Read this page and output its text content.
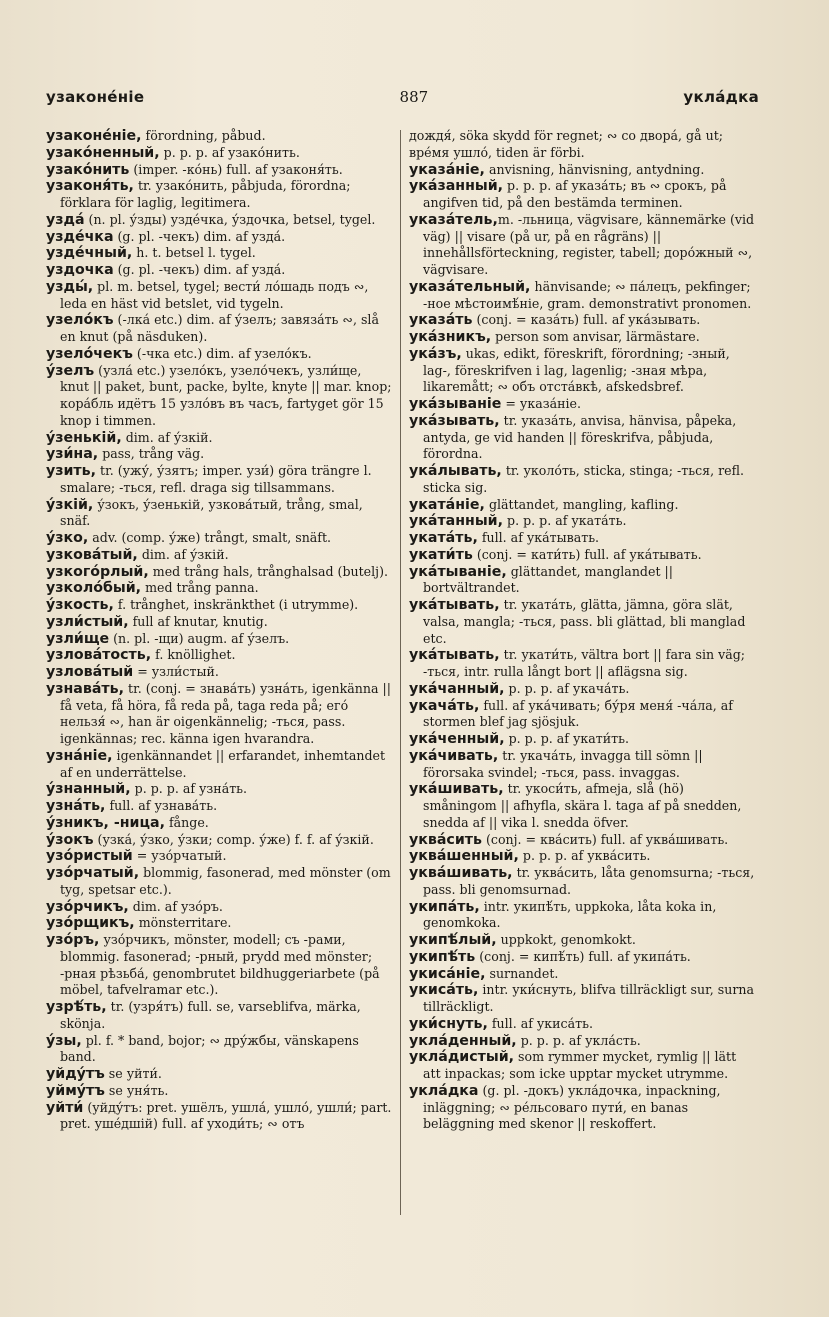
узаконе́ніе	887	укла́дка
узаконе́ніе, förordning, påbud.
узако́ненный, p. p. p. af узако́нить.
узако́нить (imper. -ко́нь) full. af узаконя́ть.
узаконя́ть, tr. узако́нить, påbjuda, förordna; förklara för laglig, legitimera.
узда́ (n. pl. у́зды) узде́чка, у́здочка, betsel, tygel.
узде́чка (g. pl. -чекъ) dim. af узда́.
узде́чный, h. t. betsel l. tygel.
уздочка (g. pl. -чекъ) dim. af узда́.
узды́, pl. m. betsel, tygel; вести́ ло́шадь подъ ∾, leda en häst vid betslet, vid tygeln.
узело́къ (-лка́ etc.) dim. af у́зелъ; завяза́ть ∾, slå en knut (på näsduken).
узело́чекъ (-чка etc.) dim. af узело́къ.
у́зелъ (узла́ etc.) узело́къ, узело́чекъ, узли́ще, knut || paket, bunt, packe, bylte, knyte || mar. knop; кора́бль идётъ 15 узло́въ въ часъ, fartyget gör 15 knop i timmen.
у́зенькій, dim. af у́зкій.
узи́на, pass, trång väg.
узить, tr. (ужу́, у́зятъ; imper. узи́) göra trängre l. smalare; -ться, refl. draga sig tillsammans.
у́зкій, у́зокъ, у́зенькій, узкова́тый, trång, smal, snäf.
у́зко, adv. (comp. у́же) trångt, smalt, snäft.
узкова́тый, dim. af у́зкій.
узкого́рлый, med trång hals, trånghalsad (butelj).
узколо́бый, med trång panna.
у́зкость, f. trånghet, inskränkthet (i utrymme).
узли́стый, full af knutar, knutig.
узли́ще (n. pl. -щи) augm. af у́зелъ.
узлова́тость, f. knöllighet.
узлова́тый = узли́стый.
узнава́ть, tr. (conj. = знава́ть) узна́ть, igenkänna || få veta, få höra, få reda på, taga reda på; его́ нельзя́ ∾, han är oigenkännelig; -ться, pass. igenkännas; rec. känna igen hvarandra.
узна́ніе, igenkännandet || erfarandet, inhemtandet af en underrättelse.
у́знанный, p. p. p. af узна́ть.
узна́ть, full. af узнава́ть.
у́зникъ, -ница, fånge.
у́зокъ (узка́, у́зко, у́зки; comp. у́же) f. f. af у́зкій.
узо́ристый = узо́рчатый.
узо́рчатый, blommig, fasonerad, med mönster (om tyg, spetsar etc.).
узо́рчикъ, dim. af узо́ръ.
узо́рщикъ, mönsterritare.
узо́ръ, узо́рчикъ, mönster, modell; съ -рами, blommig. fasonerad; -рный, prydd med mönster; -рная рѣзьба́, genombrutet bildhuggeriarbete (på möbel, tafvelramar etc.).
узрѣ́ть, tr. (узря́тъ) full. se, varseblifva, märka, skönja.
у́зы, pl. f. * band, bojor; ∾ дру́жбы, vänskapens band.
уйду́тъ se уйти́.
уйму́тъ se уня́ть.
уйти́ (уйду́тъ: pret. ушёлъ, ушла́, ушло́, ушли́; part. pret. уше́дшій) full. af уходи́ть; ∾ отъ
дождя́, söka skydd för regnet; ∾ со двора́, gå ut; вре́мя ушло́, tiden är förbi.
указа́ніе, anvisning, hänvisning, antydning.
ука́занный, p. p. p. af указа́ть; въ ∾ срокъ, på angifven tid, på den bestämda terminen.
указа́тель,m. -льница, vägvisare, kännemärke (vid väg) || visare (på ur, på en rågräns) || innehållsförteckning, register, tabell; доро́жный ∾, vägvisare.
указа́тельный, hänvisande; ∾ па́лецъ, pekfinger; -ное мѣстоимѣ́ніе, gram. demonstrativt pronomen.
указа́ть (conj. = каза́ть) full. af ука́зывать.
ука́зникъ, person som anvisar, lärmästare.
ука́зъ, ukas, edikt, föreskrift, förordning; -зный, lag-, föreskrifven i lag, lagenlig; -зная мѣра, likaremått; ∾ объ отста́вкѣ, afskedsbref.
ука́зываніе = указа́ніе.
ука́зывать, tr. указа́ть, anvisa, hänvisa, påpeka, antyda, ge vid handen || föreskrifva, påbjuda, förordna.
ука́лывать, tr. уколо́ть, sticka, stinga; -ться, refl. sticka sig.
уката́ніе, glättandet, mangling, kafling.
ука́танный, p. p. p. af уката́ть.
уката́ть, full. af ука́тывать.
укати́ть (conj. = кати́ть) full. af ука́тывать.
ука́тываніе, glättandet, manglandet || bortvältrandet.
ука́тывать, tr. уката́ть, glätta, jämna, göra slät, valsa, mangla; -ться, pass. bli glättad, bli manglad etc.
ука́тывать, tr. укати́ть, vältra bort || fara sin väg; -ться, intr. rulla långt bort || aflägsna sig.
ука́чанный, p. p. p. af укача́ть.
укача́ть, full. af ука́чивать; бу́ря меня́ -ча́ла, af stormen blef jag sjösjuk.
ука́ченный, p. p. p. af укати́ть.
ука́чивать, tr. укача́ть, invagga till sömn || förorsaka svindel; -ться, pass. invaggas.
ука́шивать, tr. укоси́ть, afmeja, slå (hö) småningom || afhyfla, skära l. taga af på snedden, snedda af || vika l. snedda öfver.
уква́сить (conj. = ква́сить) full. af уква́шивать.
уква́шенный, p. p. p. af уква́сить.
уква́шивать, tr. уква́сить, låta genomsurna; -ться, pass. bli genomsurnad.
укипа́ть, intr. укипѣ́ть, uppkoka, låta koka in, genomkoka.
укипѣ́лый, uppkokt, genomkokt.
укипѣ́ть (conj. = кипѣ́ть) full. af укипа́ть.
укиса́ніе, surnandet.
укиса́ть, intr. уки́снуть, blifva tillräckligt sur, surna tillräckligt.
уки́снуть, full. af укиса́ть.
укла́денный, p. p. p. af укла́сть.
укла́дистый, som rymmer mycket, rymlig || lätt att inpackas; som icke upptar mycket utrymme.
укла́дка (g. pl. -докъ) укла́дочка, inpackning, inläggning; ∾ ре́льсоваго пути́, en banas beläggning med skenor || reskoffert.
